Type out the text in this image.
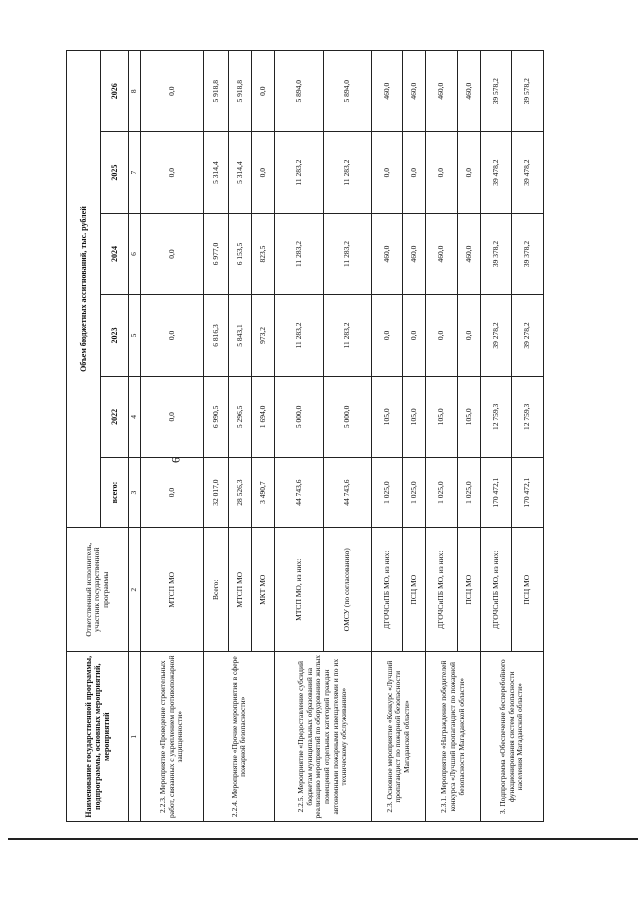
6
Наименование государственной программы, подпрограммы, основных мероприятий, мероприятий	Ответственный исполнитель, участник государственной программы	Объем бюджетных ассигнований, тыс. рублей					
		всего:	2022	2023	2024	2025	2026
1	2	3	4	5	6	7	8
2.2.3. Мероприятие «Проведение строительных работ, связанных с укреплением противопожарной защищенности»	МТСП МО	0,0	0,0	0,0	0,0	0,0	0,0
2.2.4. Мероприятие «Прочие мероприятия в сфере пожарной безопасности»	Всего:	32 017,0	6 990,5	6 816,3	6 977,0	5 314,4	5 918,8
	МТСП МО	28 526,3	5 296,5	5 843,1	6 153,5	5 314,4	5 918,8
	МКТ МО	3 490,7	1 694,0	973,2	823,5	0,0	0,0
2.2.5. Мероприятие «Предоставление субсидий бюджетам муниципальных образований на реализацию мероприятий по оборудованию жилых помещений отдельных категорий граждан автономными пожарными извещателями и по их техническому обслуживанию»	МТСП МО, из них:	44 743,6	5 000,0	11 283,2	11 283,2	11 283,2	5 894,0
	ОМСУ (по согласованию)	44 743,6	5 000,0	11 283,2	11 283,2	11 283,2	5 894,0
2.3. Основное мероприятие «Конкурс «Лучший пропагандист по пожарной безопасности Магаданской области»	ДГОЧСиПБ МО, из них:	1 025,0	105,0	0,0	460,0	0,0	460,0
	ПСЦ МО	1 025,0	105,0	0,0	460,0	0,0	460,0
2.3.1. Мероприятие «Награждение победителей конкурса «Лучший пропагандист по пожарной безопасности Магаданской области»	ДГОЧСиПБ МО, из них:	1 025,0	105,0	0,0	460,0	0,0	460,0
	ПСЦ МО	1 025,0	105,0	0,0	460,0	0,0	460,0
3. Подпрограмма «Обеспечение бесперебойного функционирования систем безопасности населения Магаданской области»	ДГОЧСиПБ МО, из них:	170 472,1	12 759,3	39 278,2	39 378,2	39 478,2	39 578,2
	ПСЦ МО	170 472,1	12 759,3	39 278,2	39 378,2	39 478,2	39 578,2
